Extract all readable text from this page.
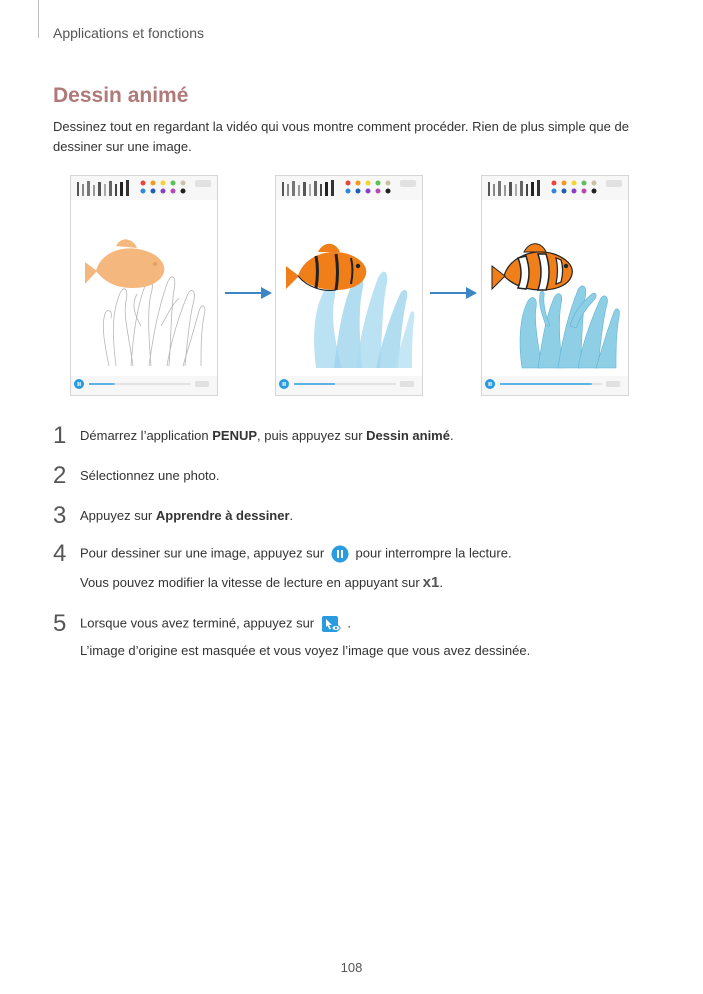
Applications et fonctions
Dessin animé
Dessinez tout en regardant la vidéo qui vous montre comment procéder. Rien de plus simple que de dessiner sur une image.
1 Démarrez l’application PENUP, puis appuyez sur Dessin animé.
2 Sélectionnez une photo.
3 Appuyez sur Apprendre à dessiner.
4 Pour dessiner sur une image, appuyez sur pour interrompre la lecture.
Vous pouvez modifier la vitesse de lecture en appuyant sur x1.
5 Lorsque vous avez terminé, appuyez sur	.
L’image d’origine est masquée et vous voyez l’image que vous avez dessinée.
108
